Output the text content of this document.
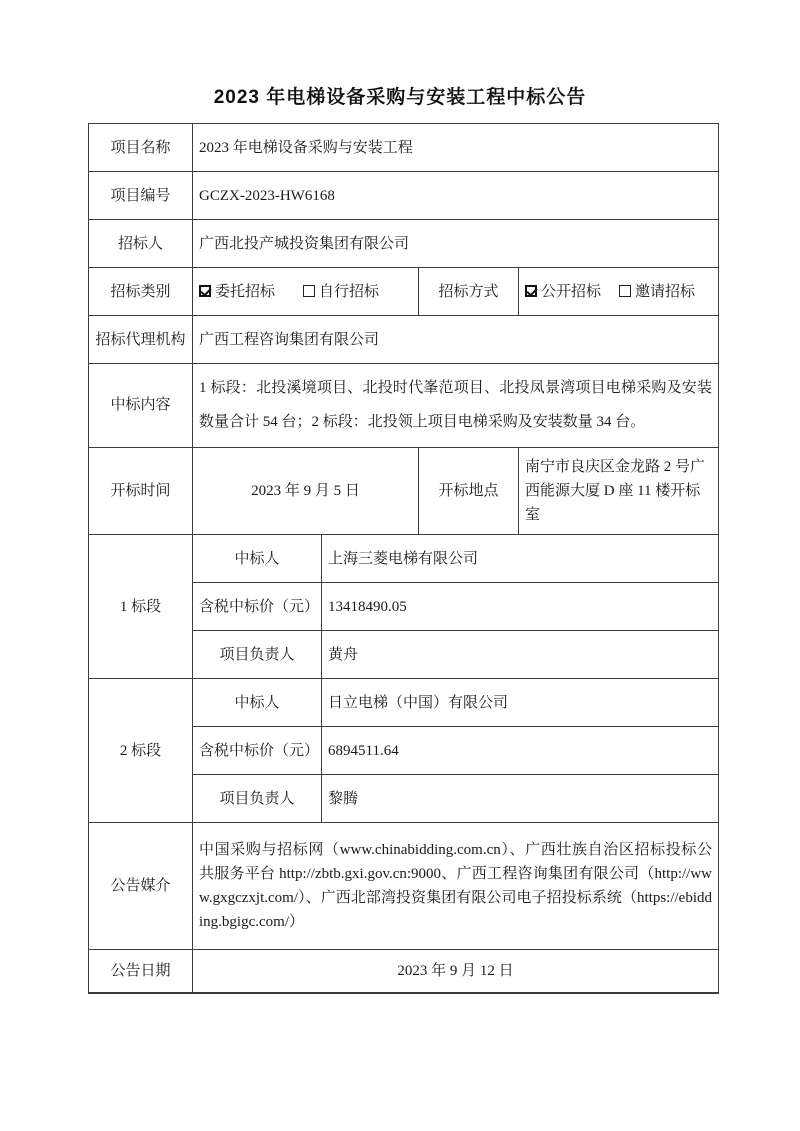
2023 年电梯设备采购与安装工程中标公告
项目名称	2023 年电梯设备采购与安装工程			
项目编号	GCZX-2023-HW6168			
招标人	广西北投产城投资集团有限公司			
招标类别	委托招标 自行招标		招标方式	公开招标 邀请招标
招标代理机构	广西工程咨询集团有限公司			
中标内容	1 标段：北投溪境项目、北投时代峯范项目、北投凤景湾项目电梯采购及安装数量合计 54 台；2 标段：北投领上项目电梯采购及安装数量 34 台。			
开标时间	2023 年 9 月 5 日		开标地点	南宁市良庆区金龙路 2 号广西能源大厦 D 座 11 楼开标室
1 标段	中标人	上海三菱电梯有限公司		
	含税中标价（元）	13418490.05		
	项目负责人	黄舟		
2 标段	中标人	日立电梯（中国）有限公司		
	含税中标价（元）	6894511.64		
	项目负责人	黎腾		
公告媒介	中国采购与招标网（www.chinabidding.com.cn）、广西壮族自治区招标投标公共服务平台 http://zbtb.gxi.gov.cn:9000、广西工程咨询集团有限公司（http://www.gxgczxjt.com/）、广西北部湾投资集团有限公司电子招投标系统（https://ebidding.bgigc.com/）			
公告日期	2023 年 9 月 12 日			
